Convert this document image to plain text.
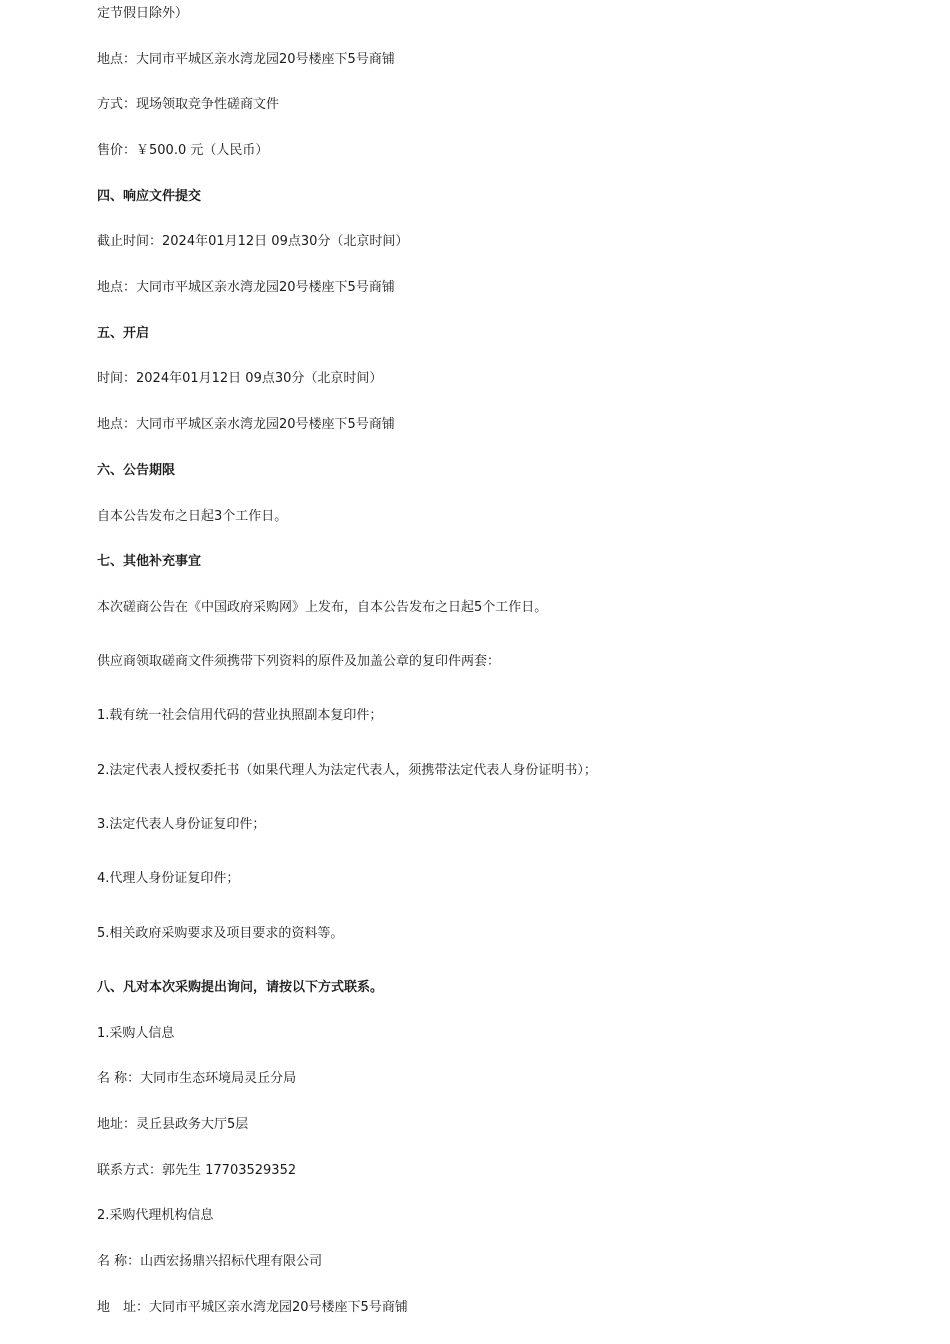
定节假日除外）

地点：大同市平城区亲水湾龙园20号楼座下5号商铺

方式：现场领取竞争性磋商文件

售价：￥500.0 元（人民币）

四、响应文件提交

截止时间：2024年01月12日 09点30分（北京时间）

地点：大同市平城区亲水湾龙园20号楼座下5号商铺

五、开启

时间：2024年01月12日 09点30分（北京时间）

地点：大同市平城区亲水湾龙园20号楼座下5号商铺

六、公告期限

自本公告发布之日起3个工作日。

七、其他补充事宜

本次磋商公告在《中国政府采购网》上发布，自本公告发布之日起5个工作日。

供应商领取磋商文件须携带下列资料的原件及加盖公章的复印件两套：

1.载有统一社会信用代码的营业执照副本复印件；

2.法定代表人授权委托书（如果代理人为法定代表人，须携带法定代表人身份证明书）；

3.法定代表人身份证复印件；

4.代理人身份证复印件；

5.相关政府采购要求及项目要求的资料等。

八、凡对本次采购提出询问，请按以下方式联系。

1.采购人信息

名 称：大同市生态环境局灵丘分局

地址：灵丘县政务大厅5层

联系方式：郭先生 17703529352

2.采购代理机构信息

名 称：山西宏扬鼎兴招标代理有限公司

地　址：大同市平城区亲水湾龙园20号楼座下5号商铺
